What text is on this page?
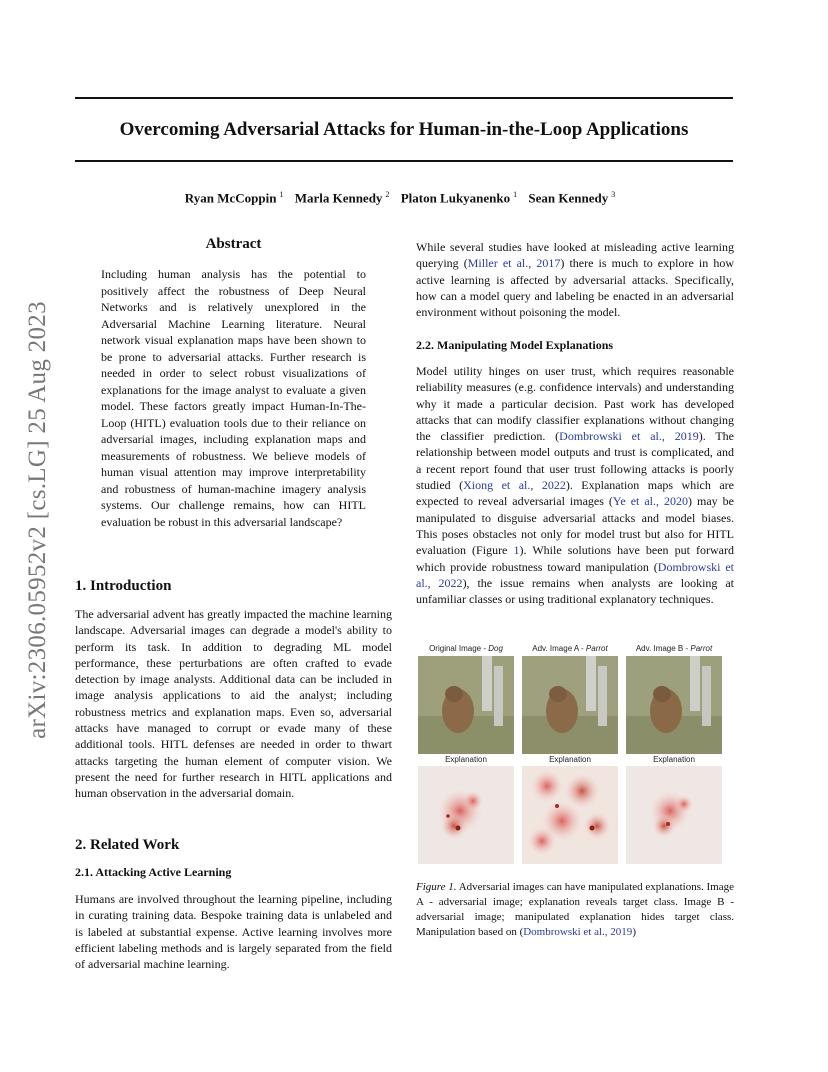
Overcoming Adversarial Attacks for Human-in-the-Loop Applications
Ryan McCoppin $^1$ Marla Kennedy $^2$ Platon Lukyanenko $^1$ Sean Kennedy $^3$
arXiv:2306.05952v2 [cs.LG] 25 Aug 2023
Abstract

Including human analysis has the potential to positively affect the robustness of Deep Neural Networks and is relatively unexplored in the Adversarial Machine Learning literature. Neural network visual explanation maps have been shown to be prone to adversarial attacks. Further research is needed in order to select robust visualizations of explanations for the image analyst to evaluate a given model. These factors greatly impact Human-In-The-Loop (HITL) evaluation tools due to their reliance on adversarial images, including explanation maps and measurements of robustness. We believe models of human visual attention may improve interpretability and robustness of human-machine imagery analysis systems. Our challenge remains, how can HITL evaluation be robust in this adversarial landscape?

1. Introduction

The adversarial advent has greatly impacted the machine learning landscape. Adversarial images can degrade a model's ability to perform its task. In addition to degrading ML model performance, these perturbations are often crafted to evade detection by image analysts. Additional data can be included in image analysis applications to aid the analyst; including robustness metrics and explanation maps. Even so, adversarial attacks have managed to corrupt or evade many of these additional tools. HITL defenses are needed in order to thwart attacks targeting the human element of computer vision. We present the need for further research in HITL applications and human observation in the adversarial domain.

2. Related Work
2.1. Attacking Active Learning

Humans are involved throughout the learning pipeline, including in curating training data. Bespoke training data is unlabeled and is labeled at substantial expense. Active learning involves more efficient labeling methods and is largely separated from the field of adversarial machine learning.

While several studies have looked at misleading active learning querying (Miller et al., 2017) there is much to explore in how active learning is affected by adversarial attacks. Specifically, how can a model query and labeling be enacted in an adversarial environment without poisoning the model.

2.2. Manipulating Model Explanations

Model utility hinges on user trust, which requires reasonable reliability measures (e.g. confidence intervals) and understanding why it made a particular decision. Past work has developed attacks that can modify classifier explanations without changing the classifier prediction. (Dombrowski et al., 2019). The relationship between model outputs and trust is complicated, and a recent report found that user trust following attacks is poorly studied (Xiong et al., 2022). Explanation maps which are expected to reveal adversarial images (Ye et al., 2020) may be manipulated to disguise adversarial attacks and model biases. This poses obstacles not only for model trust but also for HITL evaluation (Figure 1). While solutions have been put forward which provide robustness toward manipulation (Dombrowski et al., 2022), the issue remains when analysts are looking at unfamiliar classes or using traditional explanatory techniques.

Original Image - Dog	Adv. Image A - Parrot	Adv. Image B - Parrot
Explanation	Explanation	Explanation

Figure 1. Adversarial images can have manipulated explanations. Image A - adversarial image; explanation reveals target class. Image B - adversarial image; manipulated explanation hides target class. Manipulation based on (Dombrowski et al., 2019)
